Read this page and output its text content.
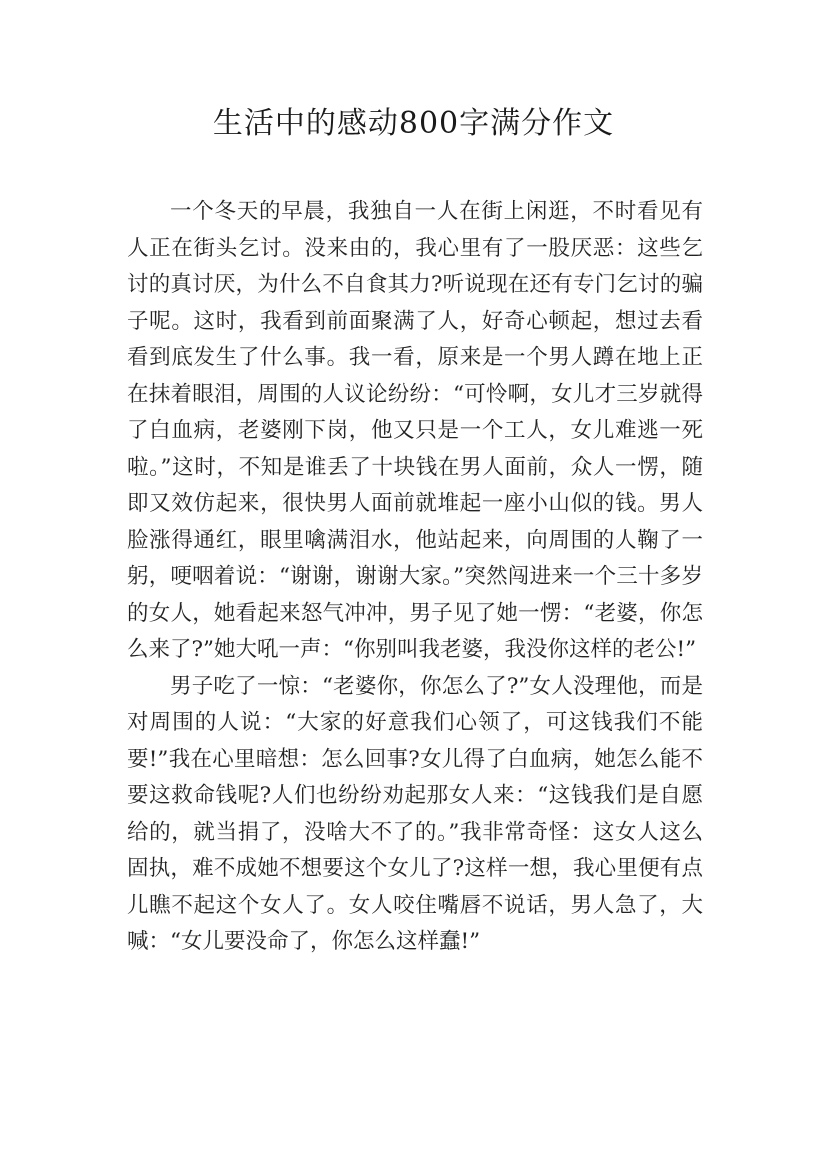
生活中的感动800字满分作文

一个冬天的早晨，我独自一人在街上闲逛，不时看见有人正在街头乞讨。没来由的，我心里有了一股厌恶：这些乞讨的真讨厌，为什么不自食其力?听说现在还有专门乞讨的骗子呢。这时，我看到前面聚满了人，好奇心顿起，想过去看看到底发生了什么事。我一看，原来是一个男人蹲在地上正在抹着眼泪，周围的人议论纷纷：“可怜啊，女儿才三岁就得了白血病，老婆刚下岗，他又只是一个工人，女儿难逃一死啦。”这时，不知是谁丢了十块钱在男人面前，众人一愣，随即又效仿起来，很快男人面前就堆起一座小山似的钱。男人脸涨得通红，眼里噙满泪水，他站起来，向周围的人鞠了一躬，哽咽着说：“谢谢，谢谢大家。”突然闯进来一个三十多岁的女人，她看起来怒气冲冲，男子见了她一愣：“老婆，你怎么来了?”她大吼一声：“你别叫我老婆，我没你这样的老公!”

男子吃了一惊：“老婆你，你怎么了?”女人没理他，而是对周围的人说：“大家的好意我们心领了，可这钱我们不能要!”我在心里暗想：怎么回事?女儿得了白血病，她怎么能不要这救命钱呢?人们也纷纷劝起那女人来：“这钱我们是自愿给的，就当捐了，没啥大不了的。”我非常奇怪：这女人这么固执，难不成她不想要这个女儿了?这样一想，我心里便有点儿瞧不起这个女人了。女人咬住嘴唇不说话，男人急了，大喊：“女儿要没命了，你怎么这样蠢!”
